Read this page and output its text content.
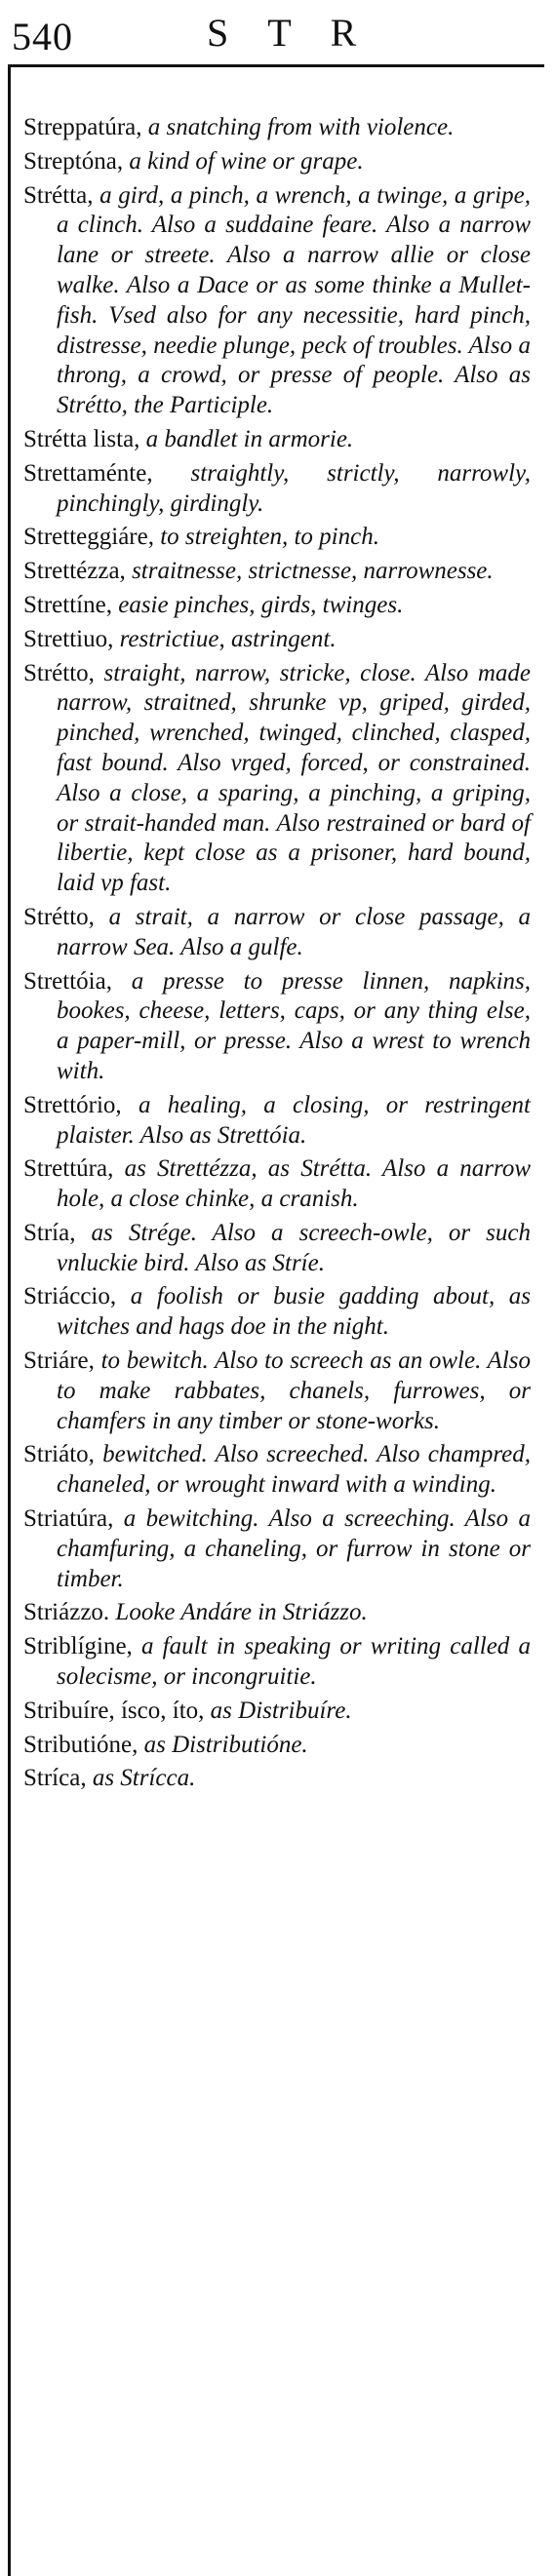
540	STR

Streppatúra, a snatching from with violence.

Streptóna, a kind of wine or grape.

Strétta, a gird, a pinch, a wrench, a twinge, a gripe, a clinch. Also a suddaine feare. Also a narrow lane or streete. Also a narrow allie or close walke. Also a Dace or as some thinke a Mullet-fish. Vsed also for any necessitie, hard pinch, distresse, needie plunge, peck of troubles. Also a throng, a crowd, or presse of people. Also as Strétto, the Participle.

Strétta lista, a bandlet in armorie.

Strettaménte, straightly, strictly, narrowly, pinchingly, girdingly.

Stretteggiáre, to streighten, to pinch.

Strettézza, straitnesse, strictnesse, narrownesse.

Strettíne, easie pinches, girds, twinges.

Strettiuo, restrictiue, astringent.

Strétto, straight, narrow, stricke, close. Also made narrow, straitned, shrunke vp, griped, girded, pinched, wrenched, twinged, clinched, clasped, fast bound. Also vrged, forced, or constrained. Also a close, a sparing, a pinching, a griping, or strait-handed man. Also restrained or bard of libertie, kept close as a prisoner, hard bound, laid vp fast.

Strétto, a strait, a narrow or close passage, a narrow Sea. Also a gulfe.

Strettóia, a presse to presse linnen, napkins, bookes, cheese, letters, caps, or any thing else, a paper-mill, or presse. Also a wrest to wrench with.

Strettório, a healing, a closing, or restringent plaister. Also as Strettóia.

Strettúra, as Strettézza, as Strétta. Also a narrow hole, a close chinke, a cranish.

Stría, as Strége. Also a screech-owle, or such vnluckie bird. Also as Stríe.

Striáccio, a foolish or busie gadding about, as witches and hags doe in the night.

Striáre, to bewitch. Also to screech as an owle. Also to make rabbates, chanels, furrowes, or chamfers in any timber or stone-works.

Striáto, bewitched. Also screeched. Also champred, chaneled, or wrought inward with a winding.

Striatúra, a bewitching. Also a screeching. Also a chamfuring, a chaneling, or furrow in stone or timber.

Striázzo. Looke Andáre in Striázzo.

Striblígine, a fault in speaking or writing called a solecisme, or incongruitie.

Stribuíre, ísco, íto, as Distribuíre.

Stributióne, as Distributióne.

Stríca, as Strícca.
